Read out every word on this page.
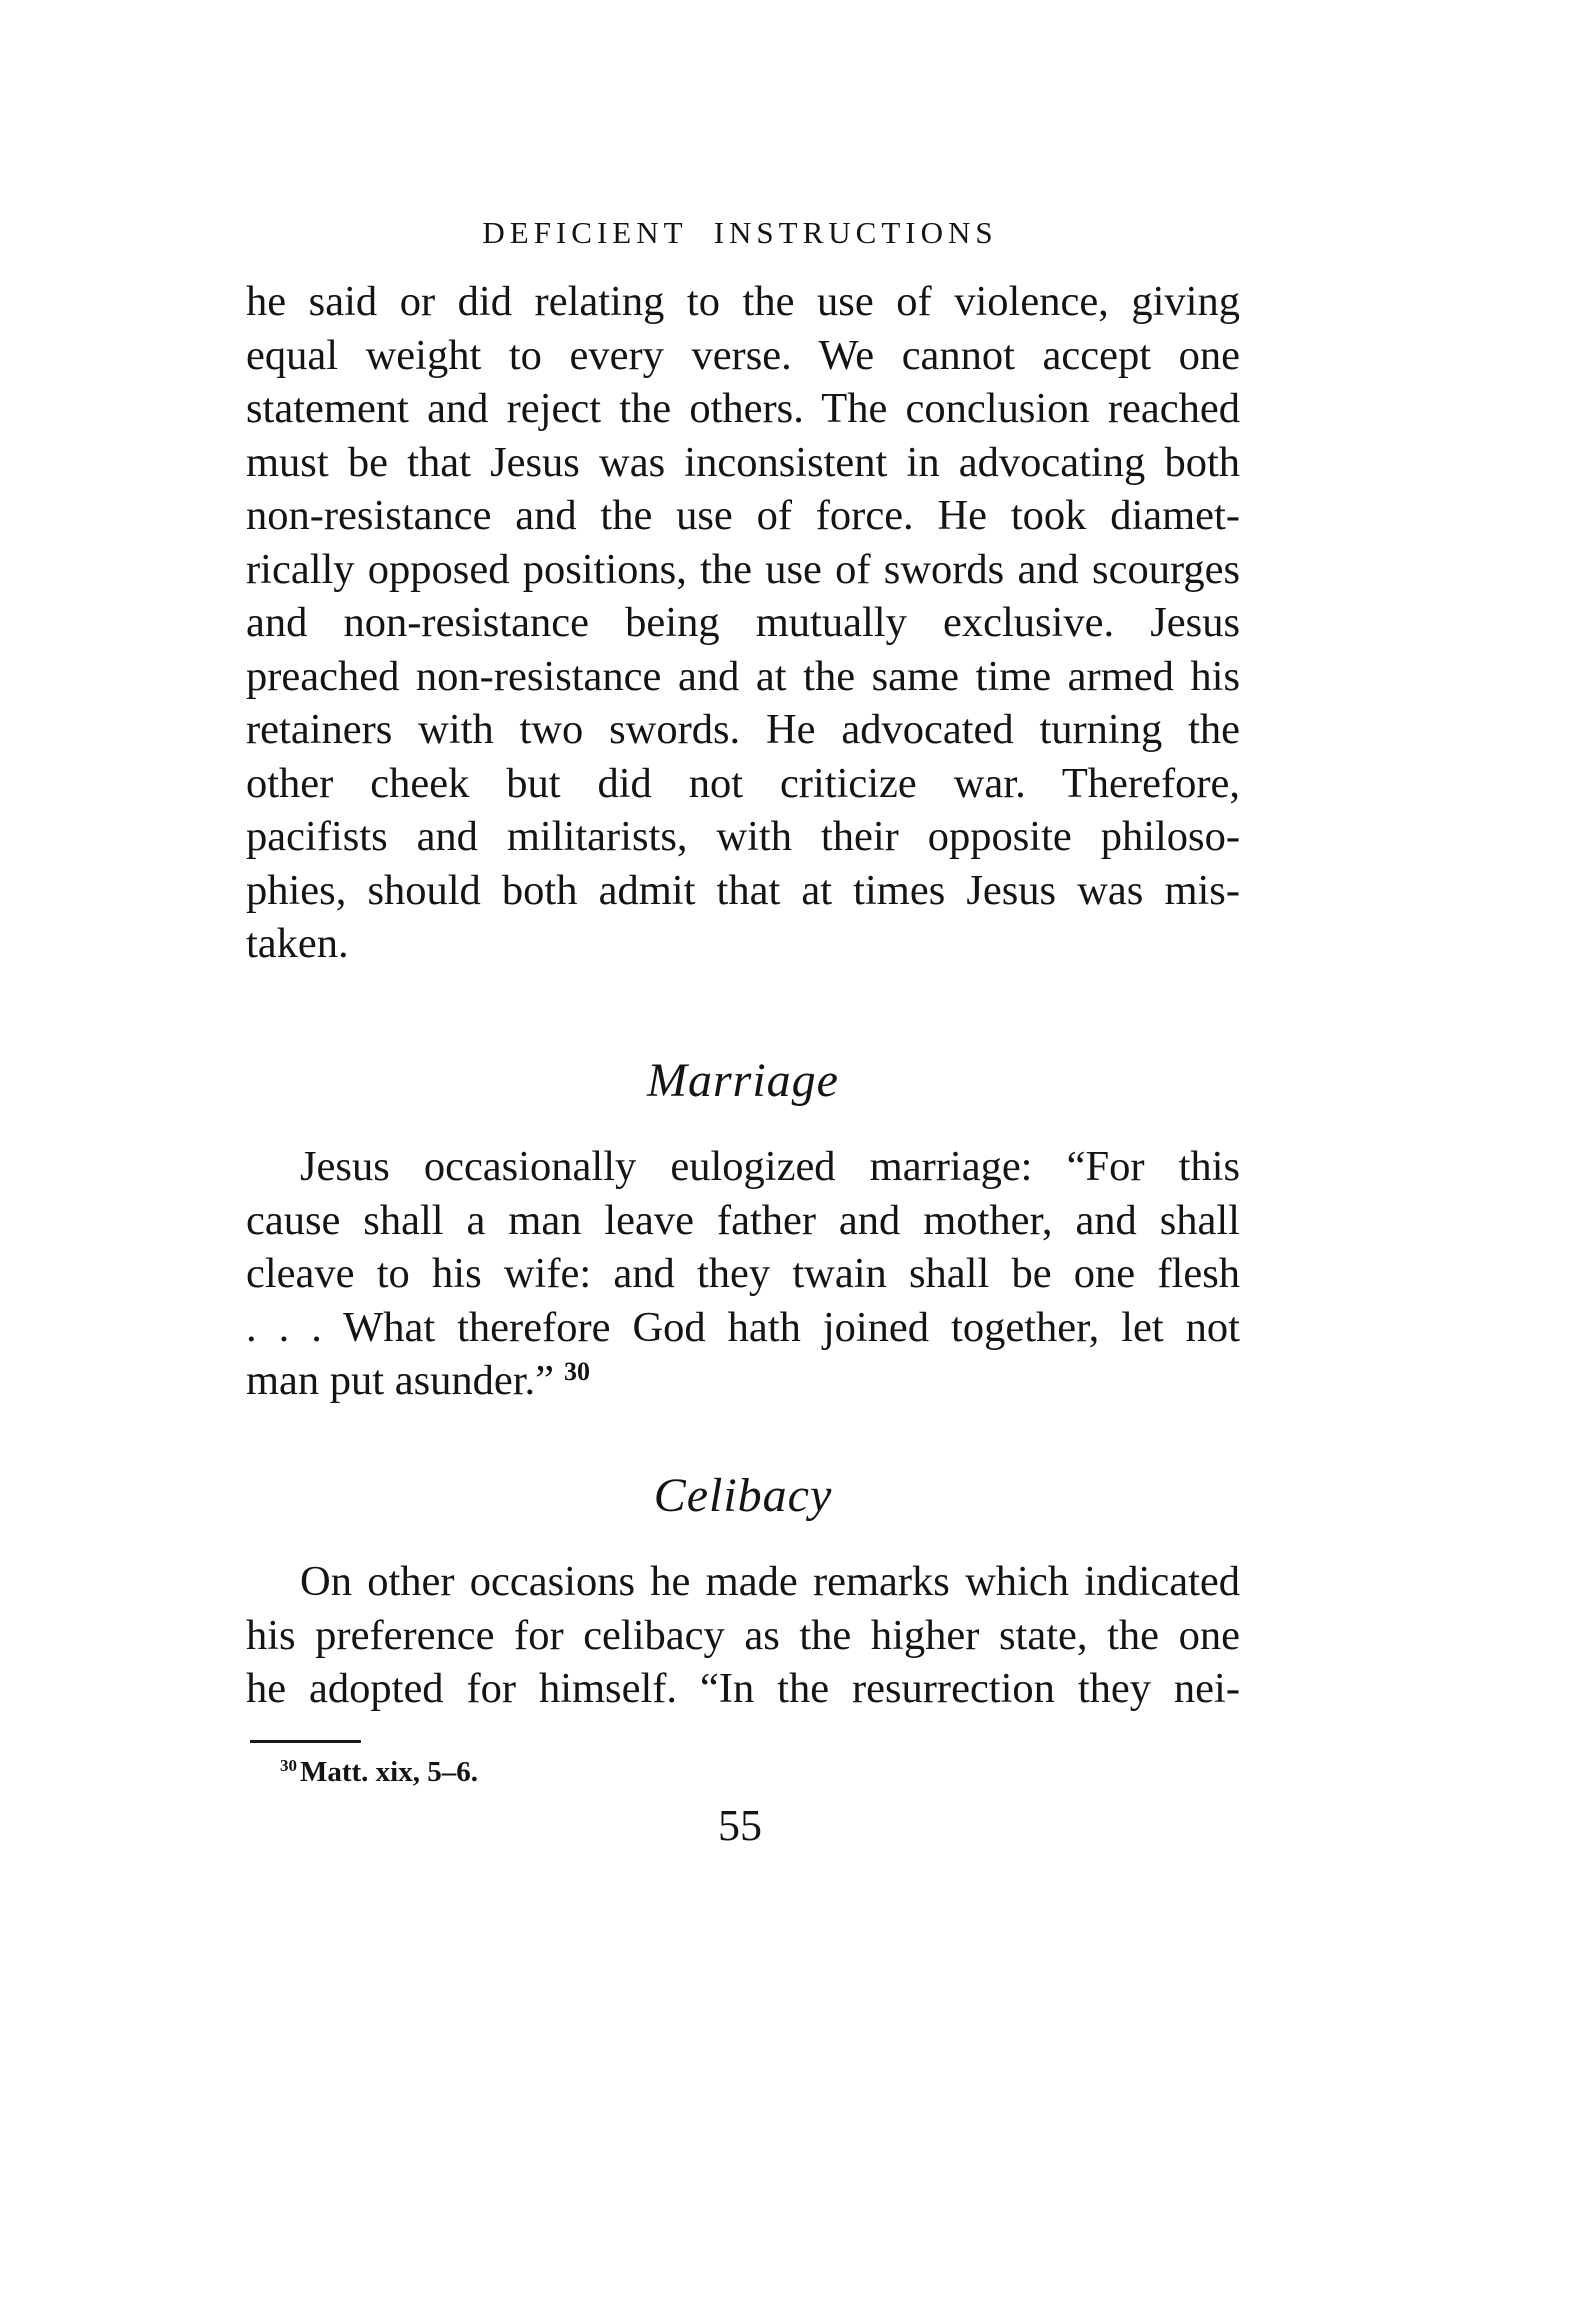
DEFICIENT INSTRUCTIONS

he said or did relating to the use of violence, giving
equal weight to every verse. We cannot accept one
statement and reject the others. The conclusion reached
must be that Jesus was inconsistent in advocating both
non-resistance and the use of force. He took diamet-
rically opposed positions, the use of swords and scourges
and non-resistance being mutually exclusive. Jesus
preached non-resistance and at the same time armed his
retainers with two swords. He advocated turning the
other cheek but did not criticize war. Therefore,
pacifists and militarists, with their opposite philoso-
phies, should both admit that at times Jesus was mis-
taken.

Marriage

Jesus occasionally eulogized marriage: “For this
cause shall a man leave father and mother, and shall
cleave to his wife: and they twain shall be one flesh
. . . What therefore God hath joined together, let not
man put asunder.” $^{30}$

Celibacy

On other occasions he made remarks which indicated
his preference for celibacy as the higher state, the one
he adopted for himself. “In the resurrection they nei-

$^{30}$ Matt. xix, 5–6.
55
